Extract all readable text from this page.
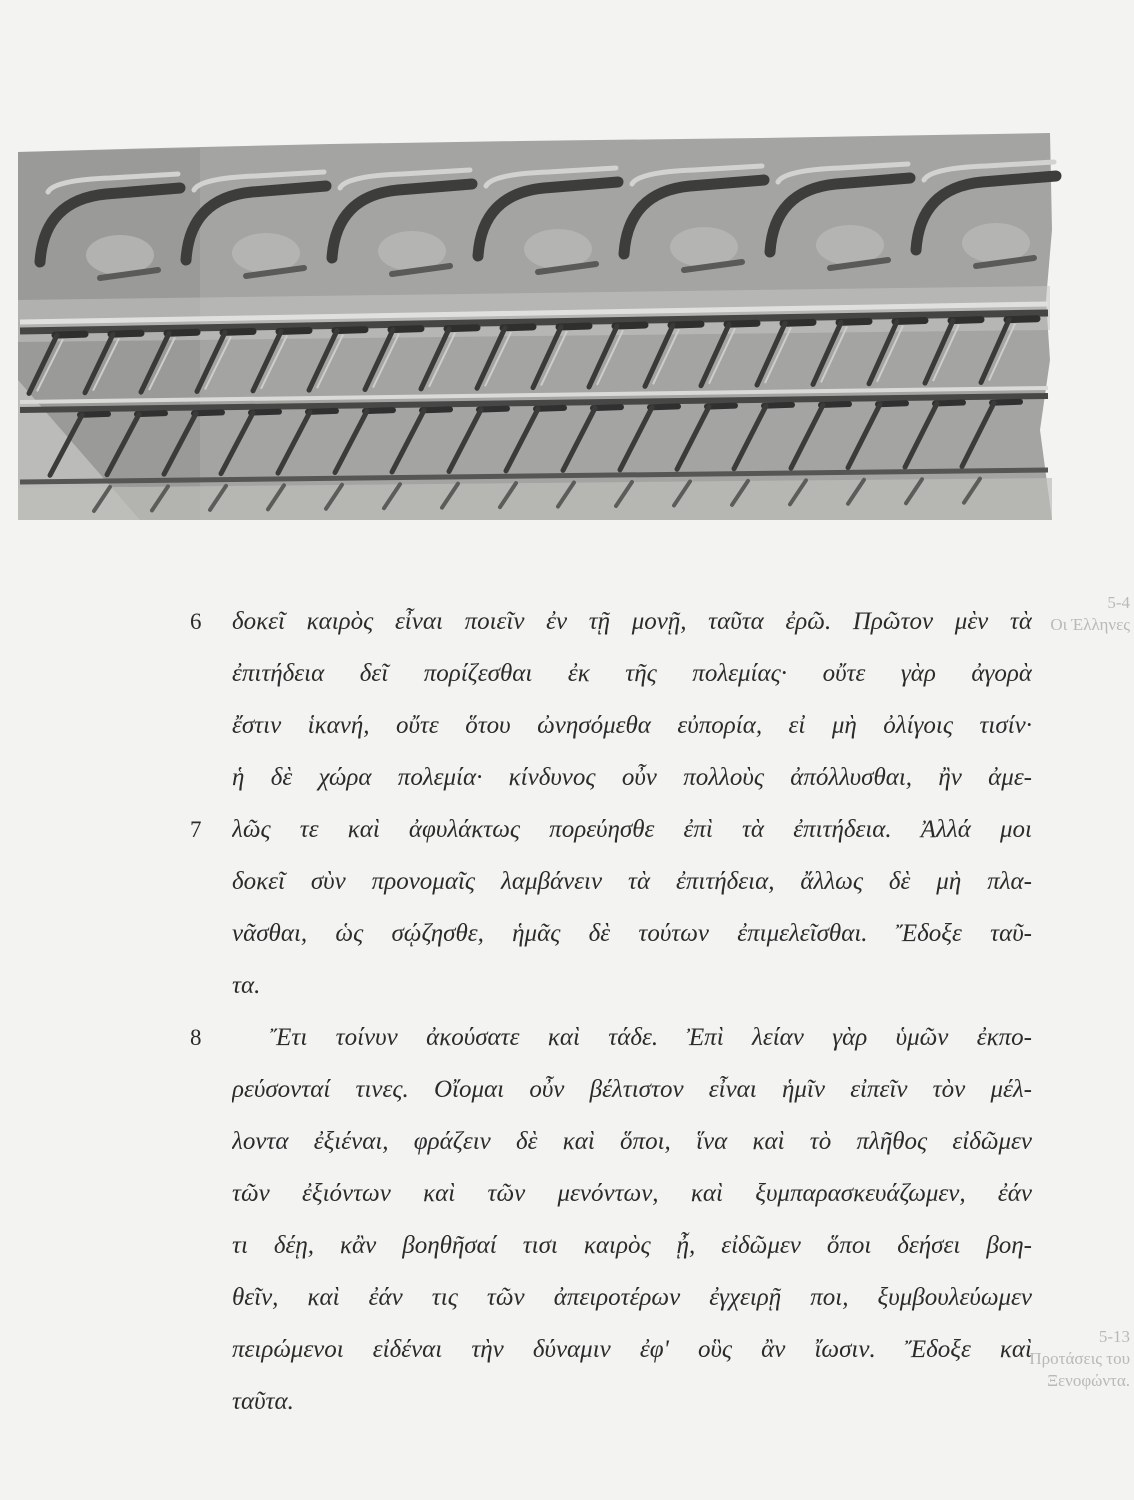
5-4
Οι Έλληνες
5-13
Προτάσεις του
Ξενοφώντα.
6	δοκεῖ καιρὸς εἶναι ποιεῖν ἐν τῇ μονῇ, ταῦτα ἐρῶ. Πρῶτον μὲν τὰ
ἐπιτήδεια δεῖ πορίζεσθαι ἐκ τῆς πολεμίας· οὔτε γὰρ ἀγορὰ
ἔστιν ἱκανή, οὔτε ὅτου ὠνησόμεθα εὐπορία, εἰ μὴ ὀλίγοις τισίν·
ἡ δὲ χώρα πολεμία· κίνδυνος οὖν πολλοὺς ἀπόλλυσθαι, ἢν ἀμε-
7	λῶς τε καὶ ἀφυλάκτως πορεύησθε ἐπὶ τὰ ἐπιτήδεια. Ἀλλά μοι
δοκεῖ σὺν προνομαῖς λαμβάνειν τὰ ἐπιτήδεια, ἄλλως δὲ μὴ πλα-
νᾶσθαι, ὡς σῴζησθε, ἡμᾶς δὲ τούτων ἐπιμελεῖσθαι. Ἔδοξε ταῦ-
τα.
8	Ἔτι τοίνυν ἀκούσατε καὶ τάδε. Ἐπὶ λείαν γὰρ ὑμῶν ἐκπο-
ρεύσονταί τινες. Οἴομαι οὖν βέλτιστον εἶναι ἡμῖν εἰπεῖν τὸν μέλ-
λοντα ἐξιέναι, φράζειν δὲ καὶ ὅποι, ἵνα καὶ τὸ πλῆθος εἰδῶμεν
τῶν ἐξιόντων καὶ τῶν μενόντων, καὶ ξυμπαρασκευάζωμεν, ἐάν
τι δέῃ, κἂν βοηθῆσαί τισι καιρὸς ᾖ, εἰδῶμεν ὅποι δεήσει βοη-
θεῖν, καὶ ἐάν τις τῶν ἀπειροτέρων ἐγχειρῇ ποι, ξυμβουλεύωμεν
πειρώμενοι εἰδέναι τὴν δύναμιν ἐφ' οὓς ἂν ἴωσιν. Ἔδοξε καὶ
ταῦτα.
